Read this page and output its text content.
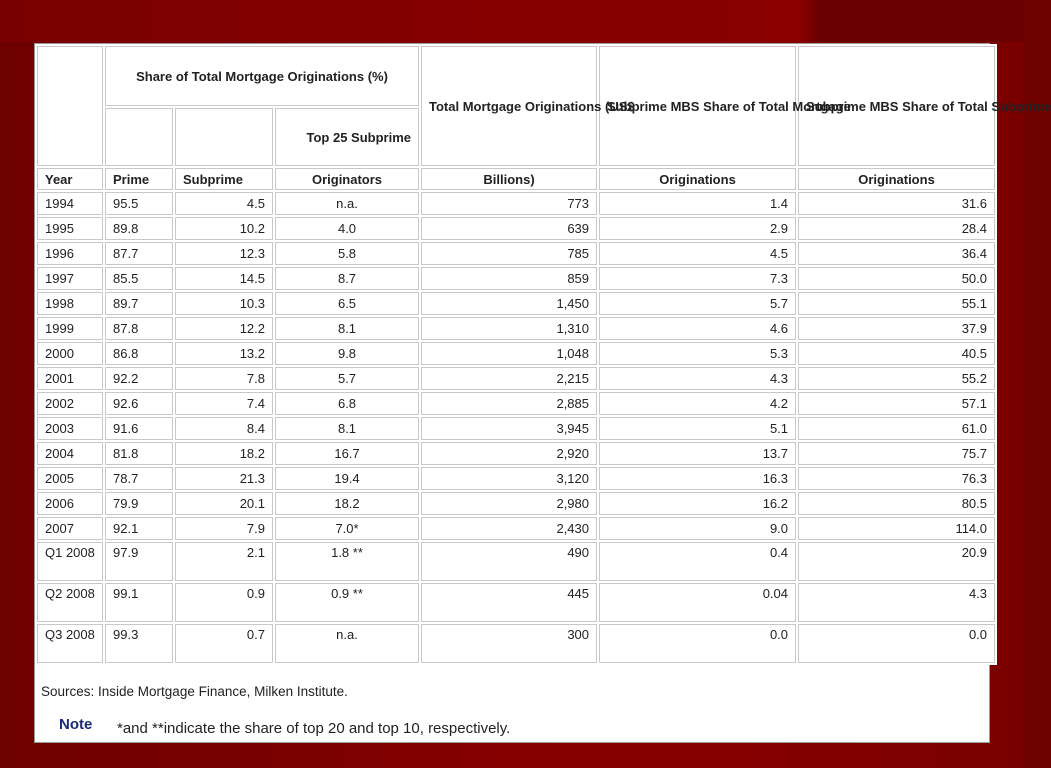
	Share of Total Mortgage Originations (%)			Total Mortgage Originations (US$	Subprime MBS Share of Total Mortgage	Subprime MBS Share of Total Subprime
			Top 25 Subprime			
Year	Prime	Subprime	Originators	Billions)	Originations	Originations
1994	95.5	4.5	n.a.	773	1.4	31.6
1995	89.8	10.2	4.0	639	2.9	28.4
1996	87.7	12.3	5.8	785	4.5	36.4
1997	85.5	14.5	8.7	859	7.3	50.0
1998	89.7	10.3	6.5	1,450	5.7	55.1
1999	87.8	12.2	8.1	1,310	4.6	37.9
2000	86.8	13.2	9.8	1,048	5.3	40.5
2001	92.2	7.8	5.7	2,215	4.3	55.2
2002	92.6	7.4	6.8	2,885	4.2	57.1
2003	91.6	8.4	8.1	3,945	5.1	61.0
2004	81.8	18.2	16.7	2,920	13.7	75.7
2005	78.7	21.3	19.4	3,120	16.3	76.3
2006	79.9	20.1	18.2	2,980	16.2	80.5
2007	92.1	7.9	7.0*	2,430	9.0	114.0
Q1 2008	97.9	2.1	1.8 **	490	0.4	20.9
Q2 2008	99.1	0.9	0.9 **	445	0.04	4.3
Q3 2008	99.3	0.7	n.a.	300	0.0	0.0
Sources: Inside Mortgage Finance, Milken Institute.
Note *and **indicate the share of top 20 and top 10, respectively.
